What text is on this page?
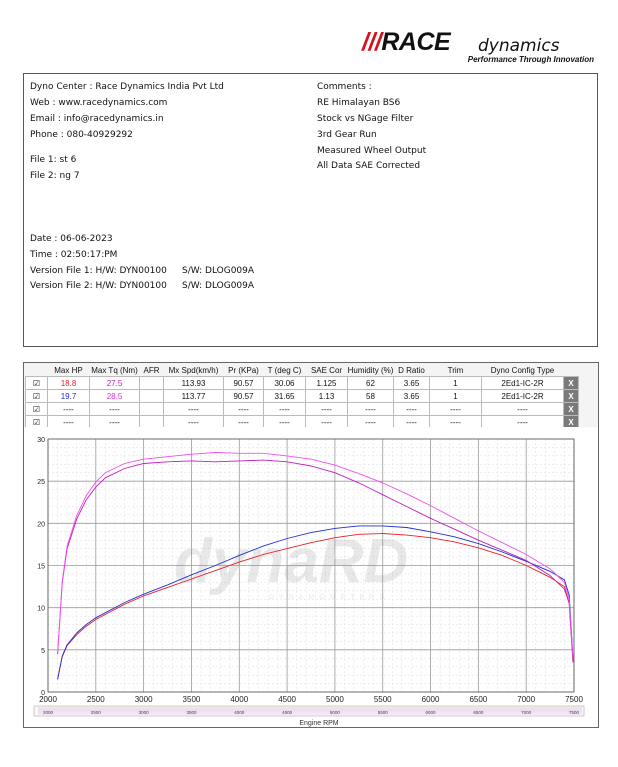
///RACE dynamics
Performance Through Innovation
Dyno Center : Race Dynamics India Pvt Ltd
Web : www.racedynamics.com
Email : info@racedynamics.in
Phone : 080-40929292
File 1: st 6
File 2: ng 7
Date : 06-06-2023
Time : 02:50:17:PM
Version File 1: H/W: DYN00100 S/W: DLOG009A
Version File 2: H/W: DYN00100 S/W: DLOG009A
Comments :
RE Himalayan BS6
Stock vs NGage Filter
3rd Gear Run
Measured Wheel Output
All Data SAE Corrected
	Max HP	Max Tq (Nm)	AFR	Mx Spd(km/h)	Pr (KPa)	T (deg C)	SAE Cor	Humidity (%)	D Ratio	Trim	Dyno Config Type	
☑	18.8	27.5		113.93	90.57	30.06	1.125	62	3.65	1	2Ed1-IC-2R	X
☑	19.7	28.5		113.77	90.57	31.65	1.13	58	3.65	1	2Ed1-IC-2R	X
☑	----	----		----	----	----	----	----	----	----	----	X
☑	----	----		----	----	----	----	----	----	----	----	X
dynaRD
DYNAMOMETERS
2000	2500	3000	3500	4000	4500	5000	5500	6000	6500	7000	7500
0
5
10
15
20
25
30
2000	2500	3000	3500	4000	4500	5000	5500	6000	6500	7000	7500
Engine RPM
